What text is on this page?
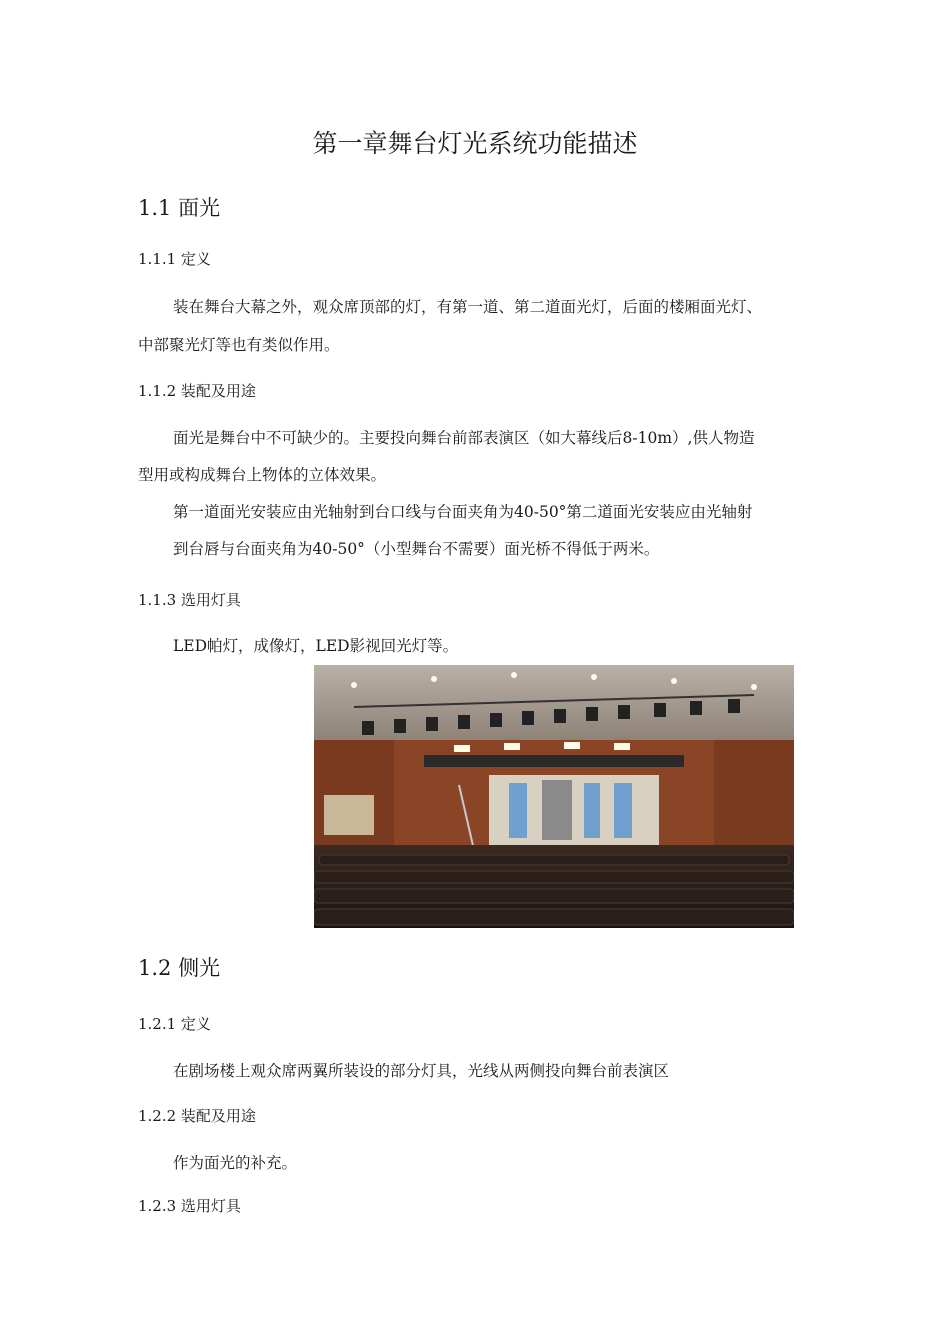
第一章舞台灯光系统功能描述
1.1 面光
1.1.1 定义
装在舞台大幕之外，观众席顶部的灯，有第一道、第二道面光灯，后面的楼厢面光灯、
中部聚光灯等也有类似作用。
1.1.2 装配及用途
面光是舞台中不可缺少的。主要投向舞台前部表演区（如大幕线后8-10m）,供人物造
型用或构成舞台上物体的立体效果。
第一道面光安装应由光轴射到台口线与台面夹角为40-50°第二道面光安装应由光轴射
到台唇与台面夹角为40-50°（小型舞台不需要）面光桥不得低于两米。
1.1.3 选用灯具
LED帕灯，成像灯，LED影视回光灯等。
1.2 侧光
1.2.1 定义
在剧场楼上观众席两翼所装设的部分灯具，光线从两侧投向舞台前表演区
1.2.2 装配及用途
作为面光的补充。
1.2.3 选用灯具
